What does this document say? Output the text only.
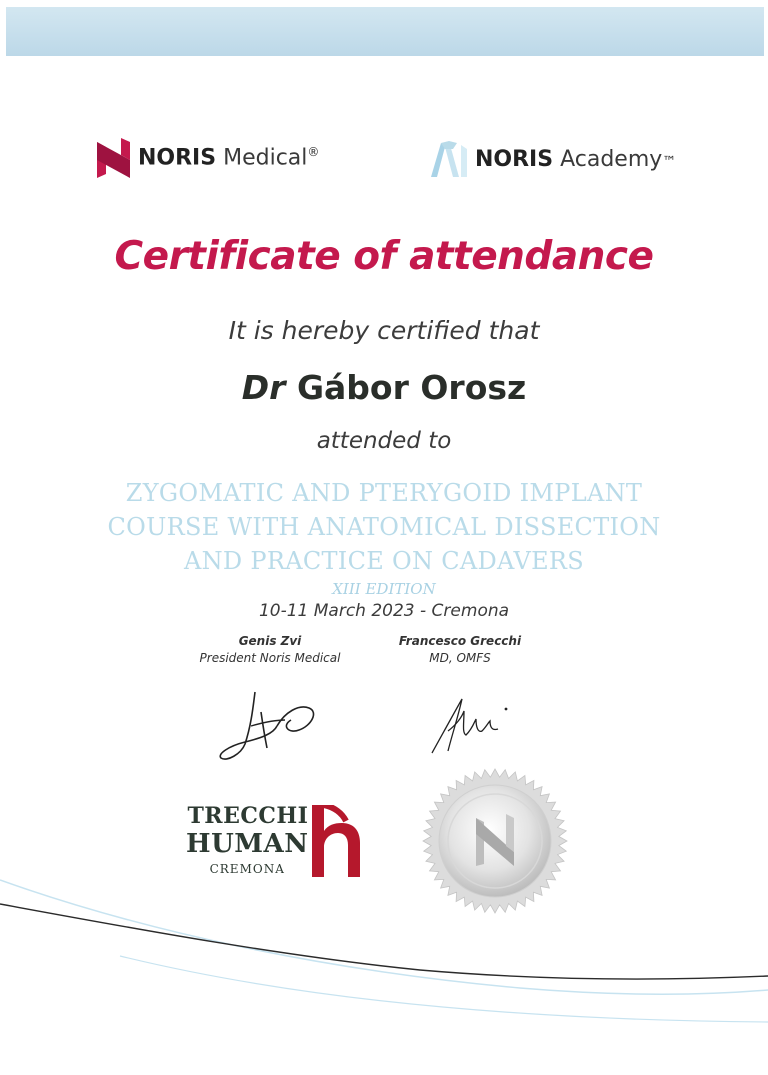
NORIS Medical®	NORIS Academy™
Certificate of attendance
It is hereby certified that
Dr Gábor Orosz
attended to
ZYGOMATIC AND PTERYGOID IMPLANT
COURSE WITH ANATOMICAL DISSECTION
AND PRACTICE ON CADAVERS
XIII EDITION
10-11 March 2023 - Cremona
Genis Zvi
President Noris Medical
Francesco Grecchi
MD, OMFS
TRECCHI
HUMAN
CREMONA
